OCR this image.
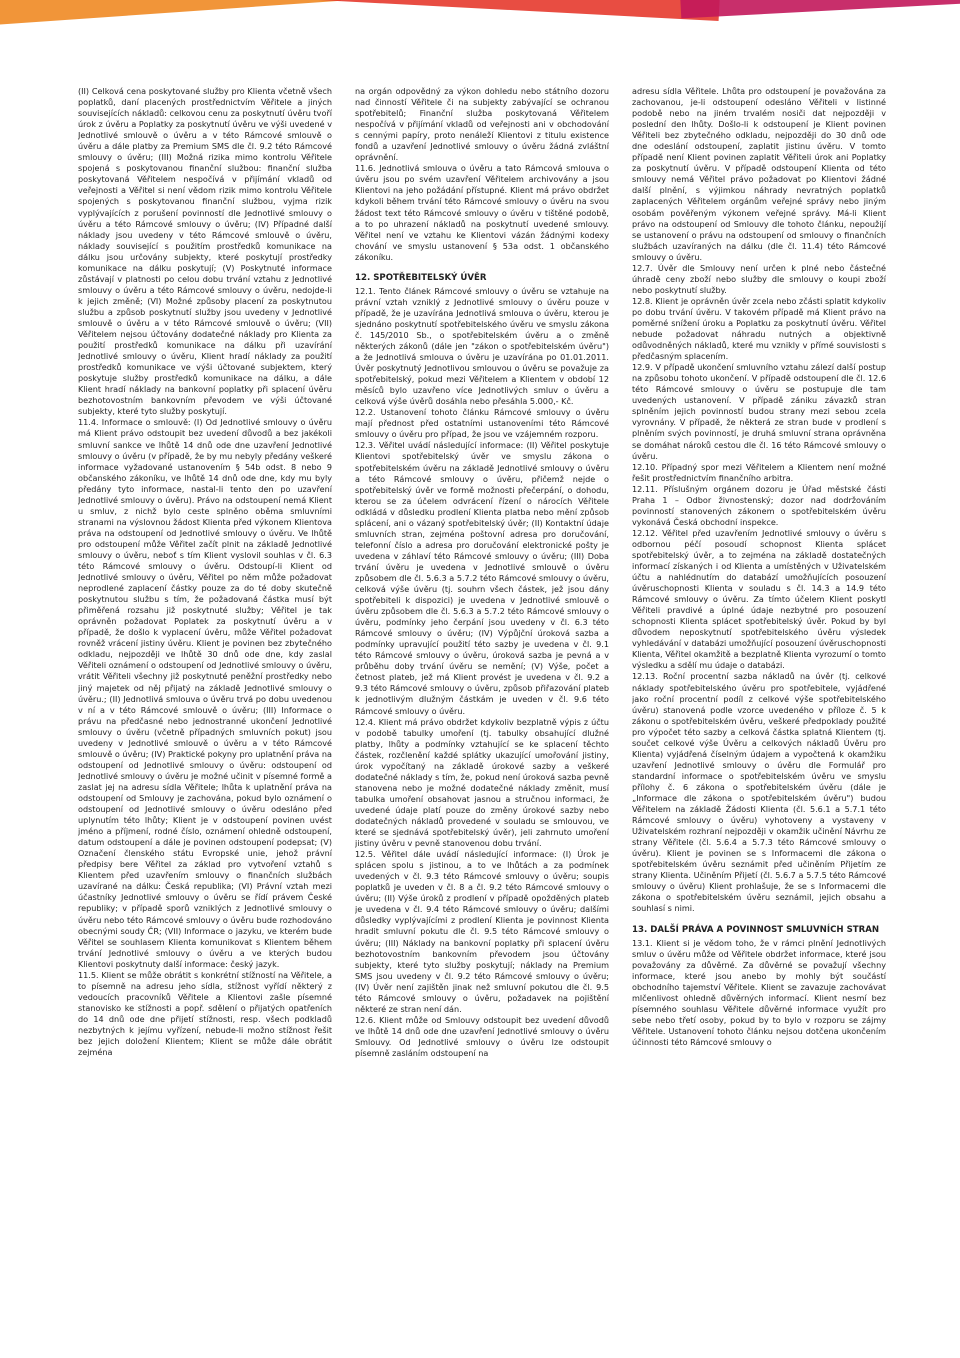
(II) Celková cena poskytované služby pro Klienta včetně všech poplatků, daní placených prostřednictvím Věřitele a jiných souvisejících nákladů: celkovou cenu za poskytnutí úvěru tvoří úrok z úvěru a Poplatky za poskytnutí úvěru ve výši uvedené v Jednotlivé smlouvě o úvěru a v této Rámcové smlouvě o úvěru a dále platby za Premium SMS dle čl. 9.2 této Rámcové smlouvy o úvěru; (III) Možná rizika mimo kontrolu Věřitele spojená s poskytovanou finanční službou: finanční služba poskytovaná Věřitelem nespočívá v přijímání vkladů od veřejnosti a Věřitel si není vědom rizik mimo kontrolu Věřitele spojených s poskytovanou finanční službou, vyjma rizik vyplývajících z porušení povinností dle Jednotlivé smlouvy o úvěru a této Rámcové smlouvy o úvěru; (IV) Případné další náklady jsou uvedeny v této Rámcové smlouvě o úvěru, náklady související s použitím prostředků komunikace na dálku jsou určovány subjekty, které poskytují prostředky komunikace na dálku poskytují; (V) Poskytnuté informace zůstávají v platnosti po celou dobu trvání vztahu z Jednotlivé smlouvy o úvěru a této Rámcové smlouvy o úvěru, nedojde-li k jejich změně; (VI) Možné způsoby placení za poskytnutou službu a způsob poskytnutí služby jsou uvedeny v Jednotlivé smlouvě o úvěru a v této Rámcové smlouvě o úvěru; (VII) Věřitelem nejsou účtovány dodatečné náklady pro Klienta za použití prostředků komunikace na dálku při uzavírání Jednotlivé smlouvy o úvěru, Klient hradí náklady za použití prostředků komunikace ve výši účtované subjektem, který poskytuje služby prostředků komunikace na dálku, a dále Klient hradí náklady na bankovní poplatky při splacení úvěru bezhotovostním bankovním převodem ve výši účtované subjekty, které tyto služby poskytují.

11.4. Informace o smlouvě: (I) Od Jednotlivé smlouvy o úvěru má Klient právo odstoupit bez uvedení důvodů a bez jakékoli smluvní sankce ve lhůtě 14 dnů ode dne uzavření Jednotlivé smlouvy o úvěru (v případě, že by mu nebyly předány veškeré informace vyžadované ustanovením § 54b odst. 8 nebo 9 občanského zákoníku, ve lhůtě 14 dnů ode dne, kdy mu byly předány tyto informace, nastal-li tento den po uzavření Jednotlivé smlouvy o úvěru). Právo na odstoupení nemá Klient u smluv, z nichž bylo ceste splněno oběma smluvními stranami na výslovnou žádost Klienta před výkonem Klientova práva na odstoupení od Jednotlivé smlouvy o úvěru. Ve lhůtě pro odstoupení může Věřitel začít plnit na základě Jednotlivé smlouvy o úvěru, neboť s tím Klient vyslovil souhlas v čl. 6.3 této Rámcové smlouvy o úvěru. Odstoupí-li Klient od Jednotlivé smlouvy o úvěru, Věřitel po něm může požadovat neprodlené zaplacení částky pouze za do té doby skutečně poskytnutou službu s tím, že požadovaná částka musí být přiměřená rozsahu již poskytnuté služby; Věřitel je tak oprávněn požadovat Poplatek za poskytnutí úvěru a v případě, že došlo k vyplacení úvěru, může Věřitel požadovat rovněž vrácení jistiny úvěru. Klient je povinen bez zbytečného odkladu, nejpozději ve lhůtě 30 dnů ode dne, kdy zaslal Věřiteli oznámení o odstoupení od Jednotlivé smlouvy o úvěru, vrátit Věřiteli všechny již poskytnuté peněžní prostředky nebo jiný majetek od něj přijatý na základě Jednotlivé smlouvy o úvěru.; (II) Jednotlivá smlouva o úvěru trvá po dobu uvedenou v ní a v této Rámcové smlouvě o úvěru; (III) Informace o právu na předčasné nebo jednostranné ukončení Jednotlivé smlouvy o úvěru (včetně případných smluvních pokut) jsou uvedeny v Jednotlivé smlouvě o úvěru a v této Rámcové smlouvě o úvěru; (IV) Praktické pokyny pro uplatnění práva na odstoupení od Jednotlivé smlouvy o úvěru: odstoupení od Jednotlivé smlouvy o úvěru je možné učinit v písemné formě a zaslat jej na adresu sídla Věřitele; lhůta k uplatnění práva na odstoupení od Smlouvy je zachována, pokud bylo oznámení o odstoupení od Jednotlivé smlouvy o úvěru odesláno před uplynutím této lhůty; Klient je v odstoupení povinen uvést jméno a příjmení, rodné číslo, oznámení ohledně odstoupení, datum odstoupení a dále je povinen odstoupení podepsat; (V) Označení členského státu Evropské unie, jehož právní předpisy bere Věřitel za základ pro vytvoření vztahů s Klientem před uzavřením smlouvy o finančních službách uzavírané na dálku: Česká republika; (VI) Právní vztah mezi účastníky Jednotlivé smlouvy o úvěru se řídí právem České republiky; v případě sporů vzniklých z Jednotlivé smlouvy o úvěru nebo této Rámcové smlouvy o úvěru bude rozhodováno obecnými soudy ČR; (VII) Informace o jazyku, ve kterém bude Věřitel se souhlasem Klienta komunikovat s Klientem během trvání Jednotlivé smlouvy o úvěru a ve kterých budou Klientovi poskytnuty další informace: český jazyk.

11.5. Klient se může obrátit s konkrétní stížností na Věřitele, a to písemně na adresu jeho sídla, stížnost vyřídí některý z vedoucích pracovníků Věřitele a Klientovi zašle písemné stanovisko ke stížnosti a popř. sdělení o přijatých opatřeních do 14 dnů ode dne přijetí stížnosti, resp. všech podkladů nezbytných k jejímu vyřízení, nebude-li možno stížnost řešit bez jejich doložení Klientem; Klient se může dále obrátit zejména

na orgán odpovědný za výkon dohledu nebo státního dozoru nad činností Věřitele či na subjekty zabývající se ochranou spotřebitelů; Finanční služba poskytovaná Věřitelem nespočívá v přijímání vkladů od veřejnosti ani v obchodování s cennými papíry, proto nenáleží Klientovi z titulu existence fondů a uzavření Jednotlivé smlouvy o úvěru žádná zvláštní oprávnění.

11.6. Jednotlivá smlouva o úvěru a tato Rámcová smlouva o úvěru jsou po svém uzavření Věřitelem archivovány a jsou Klientovi na jeho požádání přístupné. Klient má právo obdržet kdykoli během trvání této Rámcové smlouvy o úvěru na svou žádost text této Rámcové smlouvy o úvěru v tištěné podobě, a to po uhrazení nákladů na poskytnutí uvedené smlouvy. Věřitel není ve vztahu ke Klientovi vázán žádnými kodexy chování ve smyslu ustanovení § 53a odst. 1 občanského zákoníku.

12. SPOTŘEBITELSKÝ ÚVĚR

12.1. Tento článek Rámcové smlouvy o úvěru se vztahuje na právní vztah vzniklý z Jednotlivé smlouvy o úvěru pouze v případě, že je uzavírána Jednotlivá smlouva o úvěru, kterou je sjednáno poskytnutí spotřebitelského úvěru ve smyslu zákona č. 145/2010 Sb., o spotřebitelském úvěru a o změně některých zákonů (dále jen "zákon o spotřebitelském úvěru") a že Jednotlivá smlouva o úvěru je uzavírána po 01.01.2011. Úvěr poskytnutý Jednotlivou smlouvou o úvěru se považuje za spotřebitelský, pokud mezi Věřitelem a Klientem v období 12 měsíců bylo uzavřeno více Jednotlivých smluv o úvěru a celková výše úvěrů dosáhla nebo přesáhla 5.000,- Kč.

12.2. Ustanovení tohoto článku Rámcové smlouvy o úvěru mají přednost před ostatními ustanoveními této Rámcové smlouvy o úvěru pro případ, že jsou ve vzájemném rozporu.

12.3. Věřitel uvádí následující informace: (II) Věřitel poskytuje Klientovi spotřebitelský úvěr ve smyslu zákona o spotřebitelském úvěru na základě Jednotlivé smlouvy o úvěru a této Rámcové smlouvy o úvěru, přičemž nejde o spotřebitelský úvěr ve formě možnosti přečerpání, o dohodu, kterou se za účelem odvrácení řízení o nárocích Věřitele odkládá v důsledku prodlení Klienta platba nebo mění způsob splácení, ani o vázaný spotřebitelský úvěr; (II) Kontaktní údaje smluvních stran, zejména poštovní adresa pro doručování, telefonní číslo a adresa pro doručování elektronické pošty je uvedena v záhlaví této Rámcové smlouvy o úvěru; (III) Doba trvání úvěru je uvedena v Jednotlivé smlouvě o úvěru způsobem dle čl. 5.6.3 a 5.7.2 této Rámcové smlouvy o úvěru, celková výše úvěru (tj. souhrn všech částek, jež jsou dány spotřebiteli k dispozici) je uvedena v Jednotlivé smlouvě o úvěru způsobem dle čl. 5.6.3 a 5.7.2 této Rámcové smlouvy o úvěru, podmínky jeho čerpání jsou uvedeny v čl. 6.3 této Rámcové smlouvy o úvěru; (IV) Výpůjční úroková sazba a podmínky upravující použití této sazby je uvedena v čl. 9.1 této Rámcové smlouvy o úvěru, úroková sazba je pevná a v průběhu doby trvání úvěru se nemění; (V) Výše, počet a četnost plateb, jež má Klient provést je uvedena v čl. 9.2 a 9.3 této Rámcové smlouvy o úvěru, způsob přiřazování plateb k jednotlivým dlužným částkám je uveden v čl. 9.6 této Rámcové smlouvy o úvěru.

12.4. Klient má právo obdržet kdykoliv bezplatně výpis z účtu v podobě tabulky umoření (tj. tabulky obsahující dlužné platby, lhůty a podmínky vztahující se ke splacení těchto částek, rozčlenění každé splátky ukazující umořování jistiny, úrok vypočítaný na základě úrokové sazby a veškeré dodatečné náklady s tím, že, pokud není úroková sazba pevně stanovena nebo je možné dodatečné náklady změnit, musí tabulka umoření obsahovat jasnou a stručnou informaci, že uvedené údaje platí pouze do změny úrokové sazby nebo dodatečných nákladů provedené v souladu se smlouvou, ve které se sjednává spotřebitelský úvěr), jeli zahrnuto umoření jistiny úvěru v pevně stanovenou dobu trvání.

12.5. Věřitel dále uvádí následující informace: (I) Úrok je splácen spolu s jistinou, a to ve lhůtách a za podmínek uvedených v čl. 9.3 této Rámcové smlouvy o úvěru; soupis poplatků je uveden v čl. 8 a čl. 9.2 této Rámcové smlouvy o úvěru; (II) Výše úroků z prodlení v případě opožděných plateb je uvedena v čl. 9.4 této Rámcové smlouvy o úvěru; dalšími důsledky vyplývajícími z prodlení Klienta je povinnost Klienta hradit smluvní pokutu dle čl. 9.5 této Rámcové smlouvy o úvěru; (III) Náklady na bankovní poplatky při splacení úvěru bezhotovostním bankovním převodem jsou účtovány subjekty, které tyto služby poskytují; náklady na Premium SMS jsou uvedeny v čl. 9.2 této Rámcové smlouvy o úvěru; (IV) Úvěr není zajištěn jinak než smluvní pokutou dle čl. 9.5 této Rámcové smlouvy o úvěru, požadavek na pojištění některé ze stran není dán.

12.6. Klient může od Smlouvy odstoupit bez uvedení důvodů ve lhůtě 14 dnů ode dne uzavření Jednotlivé smlouvy o úvěru Smlouvy. Od Jednotlivé smlouvy o úvěru lze odstoupit písemně zasláním odstoupení na

adresu sídla Věřitele. Lhůta pro odstoupení je považována za zachovanou, je-li odstoupení odesláno Věřiteli v listinné podobě nebo na jiném trvalém nosiči dat nejpozději v poslední den lhůty. Došlo-li k odstoupení je Klient povinen Věřiteli bez zbytečného odkladu, nejpozději do 30 dnů ode dne odeslání odstoupení, zaplatit jistinu úvěru. V tomto případě není Klient povinen zaplatit Věřiteli úrok ani Poplatky za poskytnutí úvěru. V případě odstoupení Klienta od této smlouvy nemá Věřitel právo požadovat po Klientovi žádné další plnění, s výjimkou náhrady nevratných poplatků zaplacených Věřitelem orgánům veřejné správy nebo jiným osobám pověřeným výkonem veřejné správy. Má-li Klient právo na odstoupení od Smlouvy dle tohoto článku, nepoužijí se ustanovení o právu na odstoupení od smlouvy o finančních službách uzavíraných na dálku (dle čl. 11.4) této Rámcové smlouvy o úvěru.

12.7. Úvěr dle Smlouvy není určen k plné nebo částečné úhradě ceny zboží nebo služby dle smlouvy o koupi zboží nebo poskytnutí služby.

12.8. Klient je oprávněn úvěr zcela nebo zčásti splatit kdykoliv po dobu trvání úvěru. V takovém případě má Klient právo na poměrné snížení úroku a Poplatku za poskytnutí úvěru. Věřitel nebude požadovat náhradu nutných a objektivně odůvodněných nákladů, které mu vznikly v přímé souvislosti s předčasným splacením.

12.9. V případě ukončení smluvního vztahu zálezí další postup na způsobu tohoto ukončení. V případě odstoupení dle čl. 12.6 této Rámcové smlouvy o úvěru se postupuje dle tam uvedených ustanovení. V případě zániku závazků stran splněním jejich povinností budou strany mezi sebou zcela vyrovnány. V případě, že některá ze stran bude v prodlení s plněním svých povinností, je druhá smluvní strana oprávněna se domáhat nároků cestou dle čl. 16 této Rámcové smlouvy o úvěru.

12.10. Případný spor mezi Věřitelem a Klientem není možné řešit prostřednictvím finančního arbitra.

12.11. Příslušným orgánem dozoru je Úřad městské části Praha 1 – Odbor živnostenský; dozor nad dodržováním povinností stanovených zákonem o spotřebitelském úvěru vykonává Česká obchodní inspekce.

12.12. Věřitel před uzavřením Jednotlivé smlouvy o úvěru s odbornou péčí posoudí schopnost Klienta splácet spotřebitelský úvěr, a to zejména na základě dostatečných informací získaných i od Klienta a umístěných v Uživatelském účtu a nahlédnutím do databází umožňujících posouzení úvěruschopnosti Klienta v souladu s čl. 14.3 a 14.9 této Rámcové smlouvy o úvěru. Za tímto účelem Klient poskytl Věřiteli pravdivé a úplné údaje nezbytné pro posouzení schopnosti Klienta splácet spotřebitelský úvěr. Pokud by byl důvodem neposkytnutí spotřebitelského úvěru výsledek vyhledávání v databázi umožňující posouzení úvěruschopnosti Klienta, Věřitel okamžitě a bezplatně Klienta vyrozumí o tomto výsledku a sdělí mu údaje o databázi.

12.13. Roční procentní sazba nákladů na úvěr (tj. celkové náklady spotřebitelského úvěru pro spotřebitele, vyjádřené jako roční procentní podíl z celkové výše spotřebitelského úvěru) stanovená podle vzorce uvedeného v příloze č. 5 k zákonu o spotřebitelském úvěru, veškeré předpoklady použité pro výpočet této sazby a celková částka splatná Klientem (tj. součet celkové výše Úvěru a celkových nákladů Úvěru pro Klienta) vyjádřená číselným údajem a vypočtená k okamžiku uzavření Jednotlivé smlouvy o úvěru dle Formulář pro standardní informace o spotřebitelském úvěru ve smyslu přílohy č. 6 zákona o spotřebitelském úvěru (dále je „Informace dle zákona o spotřebitelském úvěru") budou Věřitelem na základě Žádosti Klienta (čl. 5.6.1 a 5.7.1 této Rámcové smlouvy o úvěru) vyhotoveny a vystaveny v Uživatelském rozhraní nejpozději v okamžik učinění Návrhu ze strany Věřitele (čl. 5.6.4 a 5.7.3 této Rámcové smlouvy o úvěru). Klient je povinen se s Informacemi dle zákona o spotřebitelském úvěru seznámit před učiněním Přijetím ze strany Klienta. Učiněním Přijetí (čl. 5.6.7 a 5.7.5 této Rámcové smlouvy o úvěru) Klient prohlašuje, že se s Informacemi dle zákona o spotřebitelském úvěru seznámil, jejich obsahu a souhlasí s nimi.

13. DALŠÍ PRÁVA A POVINNOST SMLUVNÍCH STRAN

13.1. Klient si je vědom toho, že v rámci plnění Jednotlivých smluv o úvěru může od Věřitele obdržet informace, které jsou považovány za důvěrné. Za důvěrné se považují všechny informace, které jsou anebo by mohly být součástí obchodního tajemství Věřitele. Klient se zavazuje zachovávat mlčenlivost ohledně důvěrných informací. Klient nesmí bez písemného souhlasu Věřitele důvěrné informace využít pro sebe nebo třetí osoby, pokud by to bylo v rozporu se zájmy Věřitele. Ustanovení tohoto článku nejsou dotčena ukončením účinnosti této Rámcové smlouvy o
